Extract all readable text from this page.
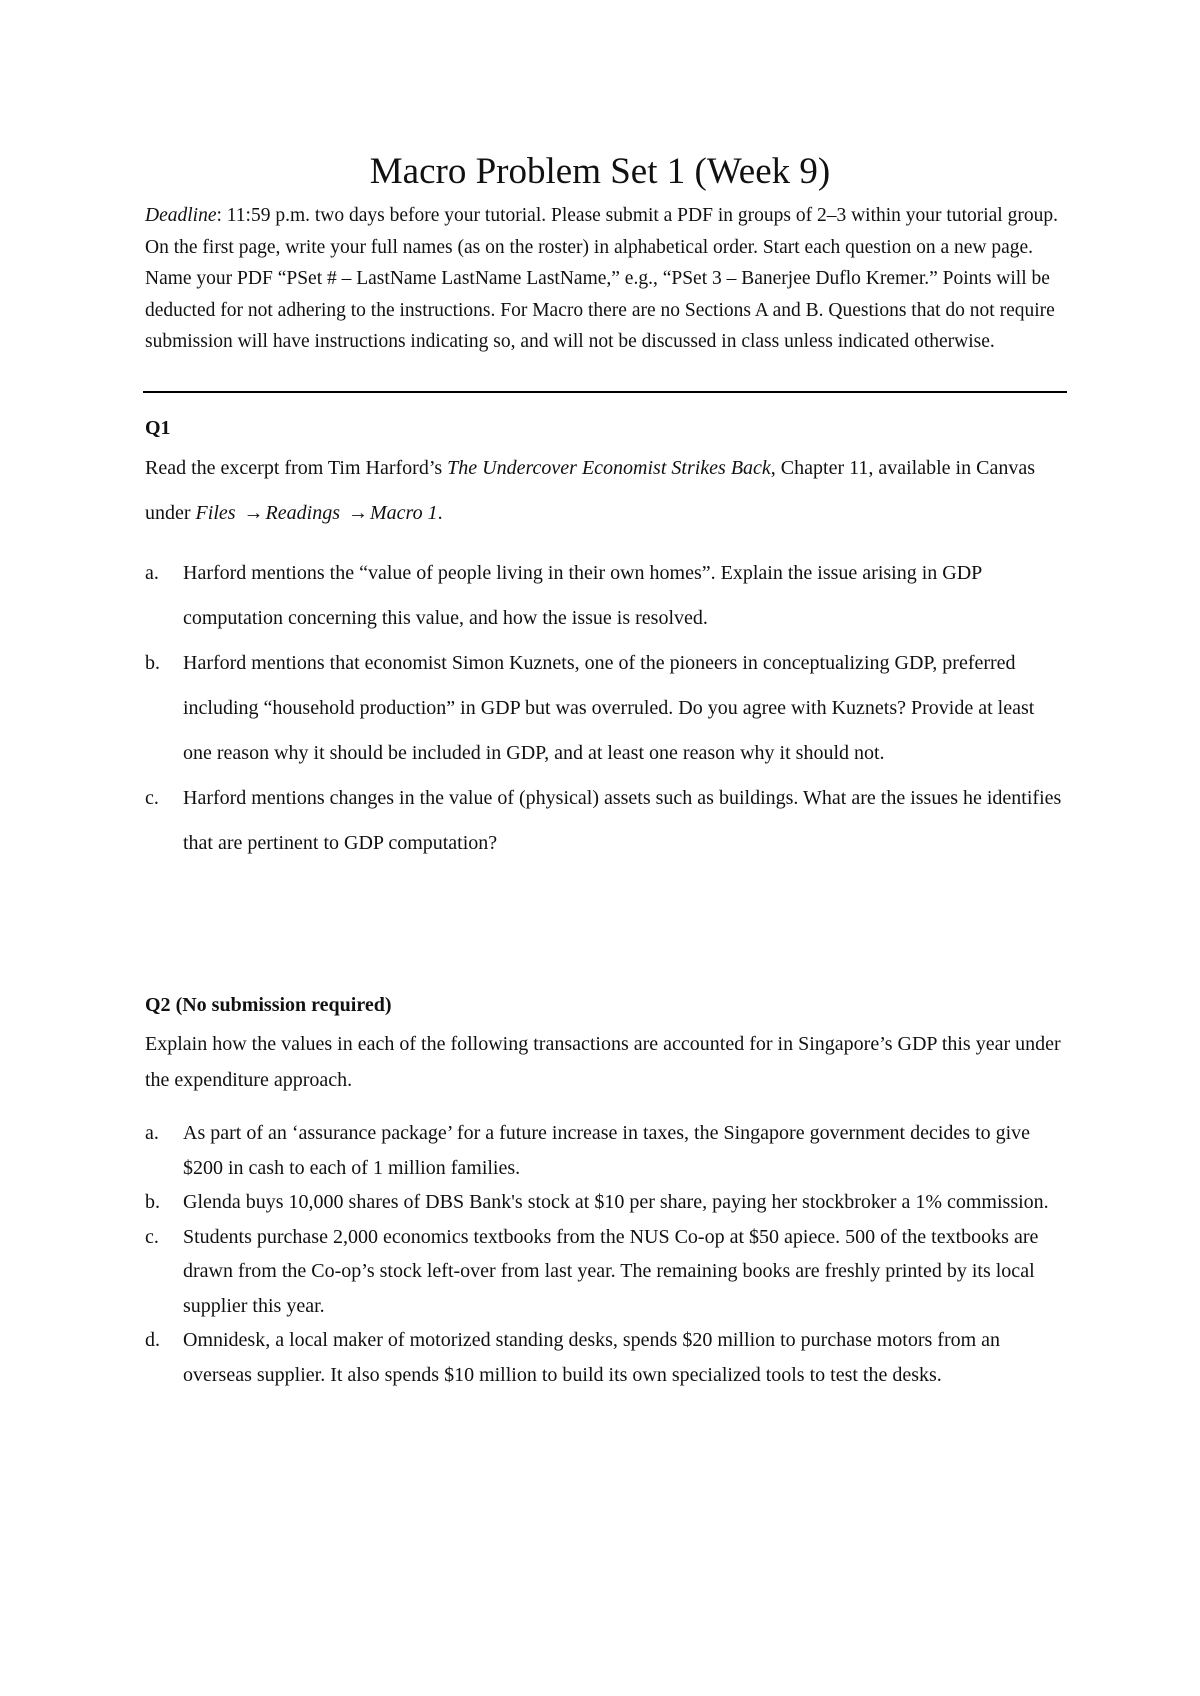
Macro Problem Set 1 (Week 9)

Deadline: 11:59 p.m. two days before your tutorial. Please submit a PDF in groups of 2–3 within your tutorial group. On the first page, write your full names (as on the roster) in alphabetical order. Start each question on a new page. Name your PDF “PSet # – LastName LastName LastName,” e.g., “PSet 3 – Banerjee Duflo Kremer.” Points will be deducted for not adhering to the instructions. For Macro there are no Sections A and B. Questions that do not require submission will have instructions indicating so, and will not be discussed in class unless indicated otherwise.

Q1

Read the excerpt from Tim Harford’s The Undercover Economist Strikes Back, Chapter 11, available in Canvas under Files → Readings → Macro 1.

a. Harford mentions the “value of people living in their own homes”. Explain the issue arising in GDP computation concerning this value, and how the issue is resolved.
b. Harford mentions that economist Simon Kuznets, one of the pioneers in conceptualizing GDP, preferred including “household production” in GDP but was overruled. Do you agree with Kuznets? Provide at least one reason why it should be included in GDP, and at least one reason why it should not.
c. Harford mentions changes in the value of (physical) assets such as buildings. What are the issues he identifies that are pertinent to GDP computation?

Q2 (No submission required)

Explain how the values in each of the following transactions are accounted for in Singapore’s GDP this year under the expenditure approach.

a. As part of an ‘assurance package’ for a future increase in taxes, the Singapore government decides to give $200 in cash to each of 1 million families.
b. Glenda buys 10,000 shares of DBS Bank's stock at $10 per share, paying her stockbroker a 1% commission.
c. Students purchase 2,000 economics textbooks from the NUS Co-op at $50 apiece. 500 of the textbooks are drawn from the Co-op’s stock left-over from last year. The remaining books are freshly printed by its local supplier this year.
d. Omnidesk, a local maker of motorized standing desks, spends $20 million to purchase motors from an overseas supplier. It also spends $10 million to build its own specialized tools to test the desks.
